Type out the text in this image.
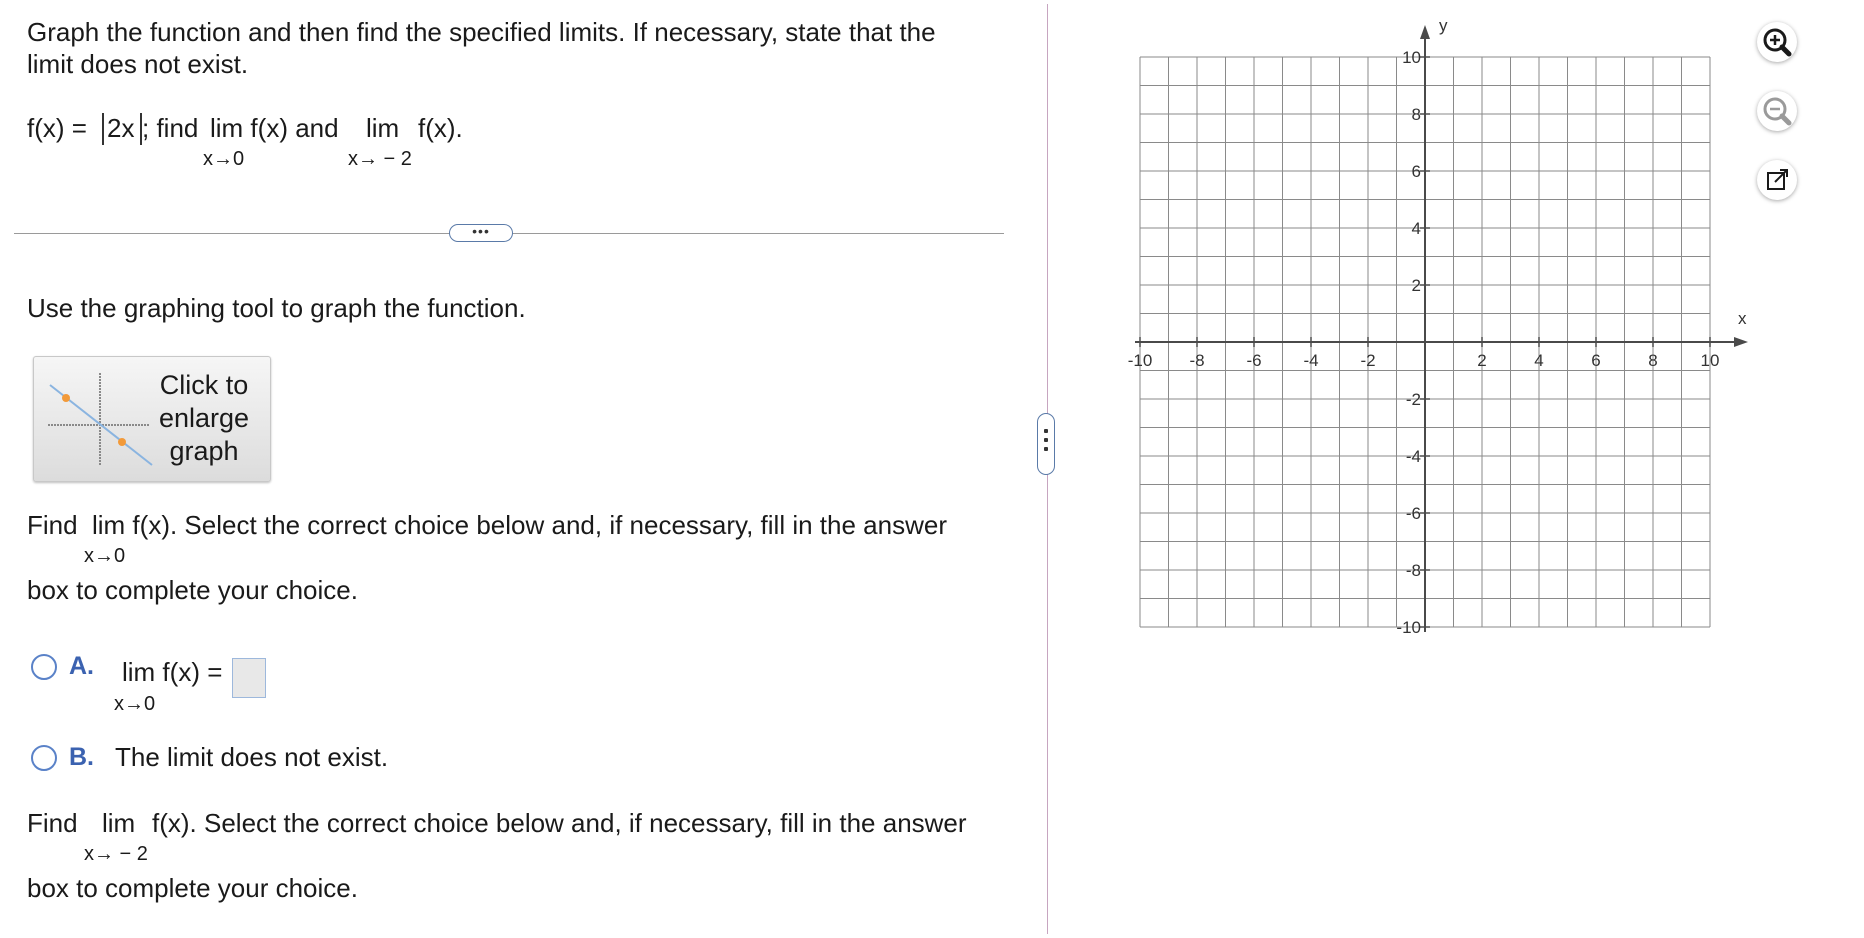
Graph the function and then find the specified limits. If necessary, state that the
limit does not exist.
f(x) = 2x ; find lim f(x) and
x→0
lim f(x).
x→ − 2
•••
Use the graphing tool to graph the function.
Click to enlarge graph
Find lim f(x). Select the correct choice below and, if necessary, fill in the answer
x→0
box to complete your choice.
A. lim f(x) =
x→0
B. The limit does not exist.
Find lim f(x). Select the correct choice below and, if necessary, fill in the answer
x→ − 2
box to complete your choice.
x
y
-10 -8 -6 -4 -2	2	4	6	8	10
10
8
6
4
2
-2
-4
-6
-8
-10
